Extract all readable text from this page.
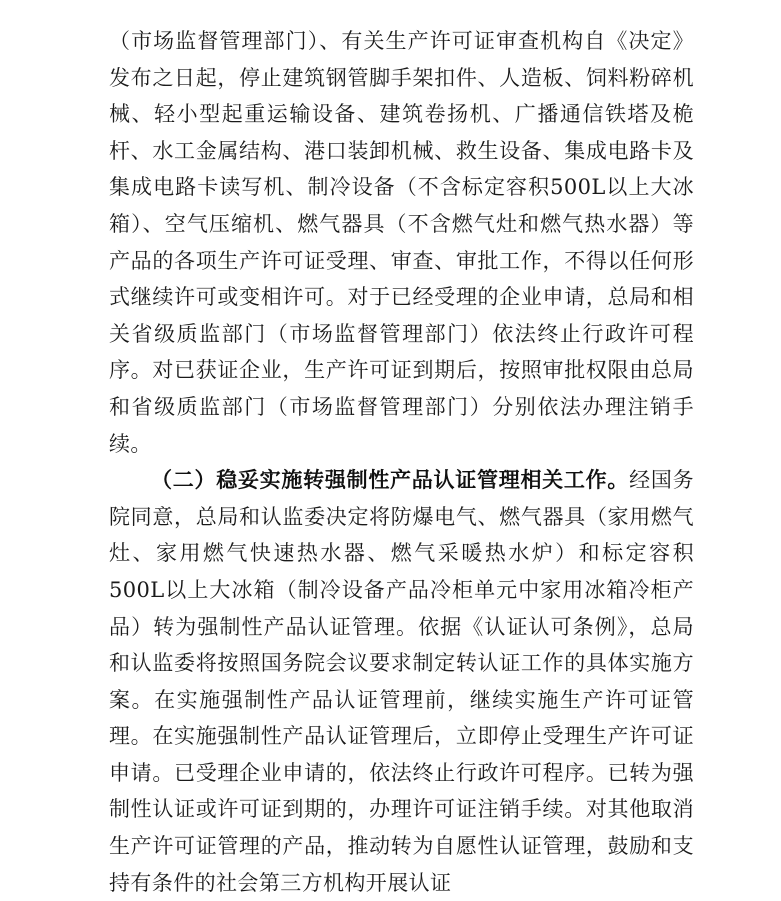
（市场监督管理部门）、有关生产许可证审查机构自《决定》发布之日起，停止建筑钢管脚手架扣件、人造板、饲料粉碎机械、轻小型起重运输设备、建筑卷扬机、广播通信铁塔及桅杆、水工金属结构、港口装卸机械、救生设备、集成电路卡及集成电路卡读写机、制冷设备（不含标定容积500L以上大冰箱）、空气压缩机、燃气器具（不含燃气灶和燃气热水器）等产品的各项生产许可证受理、审查、审批工作，不得以任何形式继续许可或变相许可。对于已经受理的企业申请，总局和相关省级质监部门（市场监督管理部门）依法终止行政许可程序。对已获证企业，生产许可证到期后，按照审批权限由总局和省级质监部门（市场监督管理部门）分别依法办理注销手续。

（二）稳妥实施转强制性产品认证管理相关工作。经国务院同意，总局和认监委决定将防爆电气、燃气器具（家用燃气灶、家用燃气快速热水器、燃气采暖热水炉）和标定容积500L以上大冰箱（制冷设备产品冷柜单元中家用冰箱冷柜产品）转为强制性产品认证管理。依据《认证认可条例》，总局和认监委将按照国务院会议要求制定转认证工作的具体实施方案。在实施强制性产品认证管理前，继续实施生产许可证管理。在实施强制性产品认证管理后，立即停止受理生产许可证申请。已受理企业申请的，依法终止行政许可程序。已转为强制性认证或许可证到期的，办理许可证注销手续。对其他取消生产许可证管理的产品，推动转为自愿性认证管理，鼓励和支持有条件的社会第三方机构开展认证
